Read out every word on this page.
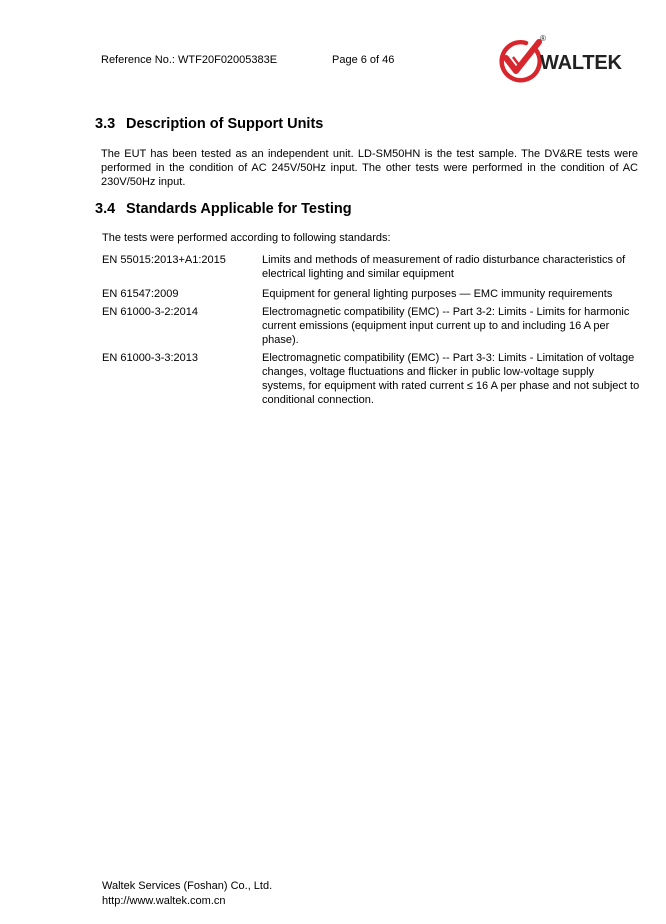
Reference No.: WTF20F02005383E	Page 6 of 46
®
WALTEK
3.3 Description of Support Units
The EUT has been tested as an independent unit. LD-SM50HN is the test sample. The DV&RE tests were performed in the condition of AC 245V/50Hz input. The other tests were performed in the condition of AC 230V/50Hz input.
3.4 Standards Applicable for Testing
The tests were performed according to following standards:
EN 55015:2013+A1:2015	Limits and methods of measurement of radio disturbance characteristics of electrical lighting and similar equipment
EN 61547:2009	Equipment for general lighting purposes — EMC immunity requirements
EN 61000-3-2:2014	Electromagnetic compatibility (EMC) -- Part 3-2: Limits - Limits for harmonic current emissions (equipment input current up to and including 16 A per phase).
EN 61000-3-3:2013	Electromagnetic compatibility (EMC) -- Part 3-3: Limits - Limitation of voltage changes, voltage fluctuations and flicker in public low-voltage supply systems, for equipment with rated current ≤ 16 A per phase and not subject to conditional connection.
Waltek Services (Foshan) Co., Ltd.
http://www.waltek.com.cn
